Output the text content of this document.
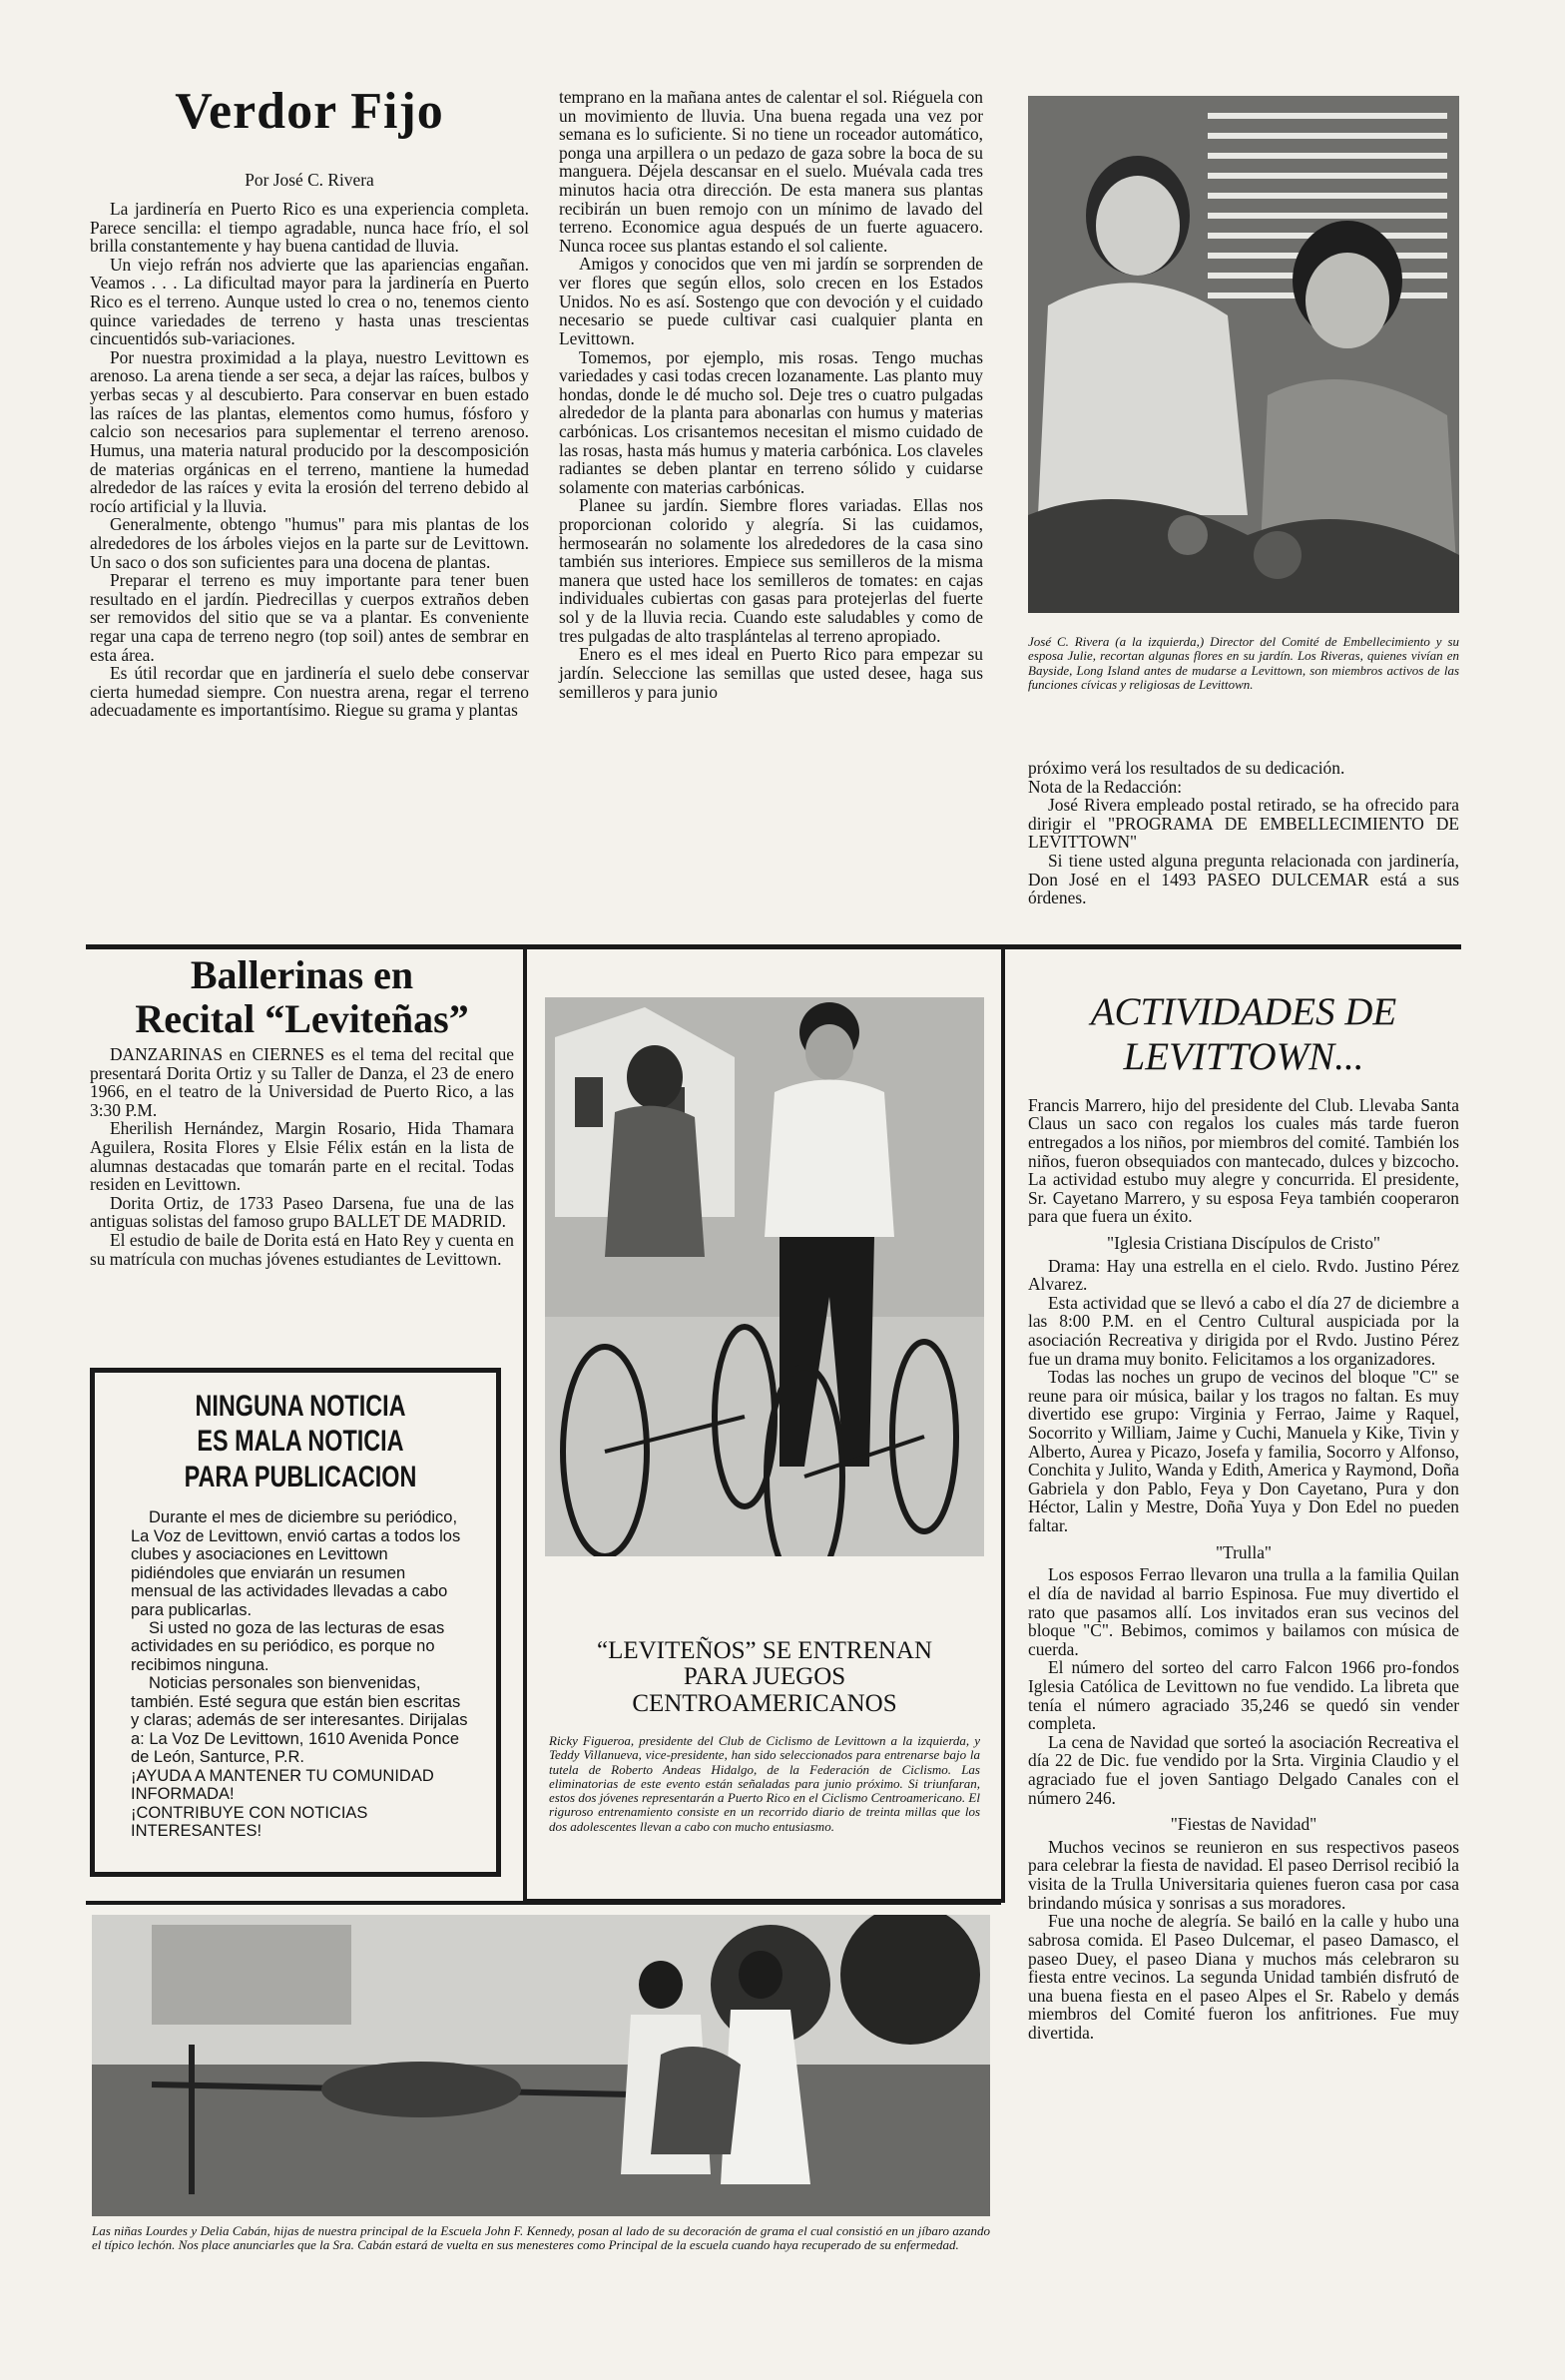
Verdor Fijo
Por José C. Rivera

La jardinería en Puerto Rico es una experiencia completa. Parece sencilla: el tiempo agradable, nunca hace frío, el sol brilla constantemente y hay buena cantidad de lluvia.

Un viejo refrán nos advierte que las apariencias engañan. Veamos . . . La dificultad mayor para la jardinería en Puerto Rico es el terreno. Aunque usted lo crea o no, tenemos ciento quince variedades de terreno y hasta unas trescientas cincuentidós sub-variaciones.

Por nuestra proximidad a la playa, nuestro Levittown es arenoso. La arena tiende a ser seca, a dejar las raíces, bulbos y yerbas secas y al descubierto. Para conservar en buen estado las raíces de las plantas, elementos como humus, fósforo y calcio son necesarios para suplementar el terreno arenoso. Humus, una materia natural producido por la descomposición de materias orgánicas en el terreno, mantiene la humedad alrededor de las raíces y evita la erosión del terreno debido al rocío artificial y la lluvia.

Generalmente, obtengo "humus" para mis plantas de los alrededores de los árboles viejos en la parte sur de Levittown. Un saco o dos son suficientes para una docena de plantas.

Preparar el terreno es muy importante para tener buen resultado en el jardín. Piedrecillas y cuerpos extraños deben ser removidos del sitio que se va a plantar. Es conveniente regar una capa de terreno negro (top soil) antes de sembrar en esta área.

Es útil recordar que en jardinería el suelo debe conservar cierta humedad siempre. Con nuestra arena, regar el terreno adecuadamente es importantísimo. Riegue su grama y plantas

temprano en la mañana antes de calentar el sol. Riéguela con un movimiento de lluvia. Una buena regada una vez por semana es lo suficiente. Si no tiene un roceador automático, ponga una arpillera o un pedazo de gaza sobre la boca de su manguera. Déjela descansar en el suelo. Muévala cada tres minutos hacia otra dirección. De esta manera sus plantas recibirán un buen remojo con un mínimo de lavado del terreno. Economice agua después de un fuerte aguacero. Nunca rocee sus plantas estando el sol caliente.

Amigos y conocidos que ven mi jardín se sorprenden de ver flores que según ellos, solo crecen en los Estados Unidos. No es así. Sostengo que con devoción y el cuidado necesario se puede cultivar casi cualquier planta en Levittown.

Tomemos, por ejemplo, mis rosas. Tengo muchas variedades y casi todas crecen lozanamente. Las planto muy hondas, donde le dé mucho sol. Deje tres o cuatro pulgadas alrededor de la planta para abonarlas con humus y materias carbónicas. Los crisantemos necesitan el mismo cuidado de las rosas, hasta más humus y materia carbónica. Los claveles radiantes se deben plantar en terreno sólido y cuidarse solamente con materias carbónicas.

Planee su jardín. Siembre flores variadas. Ellas nos proporcionan colorido y alegría. Si las cuidamos, hermosearán no solamente los alrededores de la casa sino también sus interiores. Empiece sus semilleros de la misma manera que usted hace los semilleros de tomates: en cajas individuales cubiertas con gasas para protejerlas del fuerte sol y de la lluvia recia. Cuando este saludables y como de tres pulgadas de alto trasplántelas al terreno apropiado.

Enero es el mes ideal en Puerto Rico para empezar su jardín. Seleccione las semillas que usted desee, haga sus semilleros y para junio

José C. Rivera (a la izquierda,) Director del Comité de Embellecimiento y su esposa Julie, recortan algunas flores en su jardín. Los Riveras, quienes vivían en Bayside, Long Island antes de mudarse a Levittown, son miembros activos de las funciones cívicas y religiosas de Levittown.

próximo verá los resultados de su dedicación.

Nota de la Redacción:

José Rivera empleado postal retirado, se ha ofrecido para dirigir el "PROGRAMA DE EMBELLECIMIENTO DE LEVITTOWN"

Si tiene usted alguna pregunta relacionada con jardinería, Don José en el 1493 PASEO DULCEMAR está a sus órdenes.

Ballerinas en
Recital “Leviteñas”

DANZARINAS en CIERNES es el tema del recital que presentará Dorita Ortiz y su Taller de Danza, el 23 de enero 1966, en el teatro de la Universidad de Puerto Rico, a las 3:30 P.M.

Eherilish Hernández, Margin Rosario, Hida Thamara Aguilera, Rosita Flores y Elsie Félix están en la lista de alumnas destacadas que tomarán parte en el recital. Todas residen en Levittown.

Dorita Ortiz, de 1733 Paseo Darsena, fue una de las antiguas solistas del famoso grupo BALLET DE MADRID.

El estudio de baile de Dorita está en Hato Rey y cuenta en su matrícula con muchas jóvenes estudiantes de Levittown.

NINGUNA NOTICIA
ES MALA NOTICIA
PARA PUBLICACION

Durante el mes de diciembre su periódico, La Voz de Levittown, envió cartas a todos los clubes y asociaciones en Levittown pidiéndoles que enviarán un resumen mensual de las actividades llevadas a cabo para publicarlas.

Si usted no goza de las lecturas de esas actividades en su periódico, es porque no recibimos ninguna.

Noticias personales son bienvenidas, también. Esté segura que están bien escritas y claras; además de ser interesantes. Dirijalas a: La Voz De Levittown, 1610 Avenida Ponce de León, Santurce, P.R.

¡AYUDA A MANTENER TU COMUNIDAD INFORMADA!

¡CONTRIBUYE CON NOTICIAS INTERESANTES!

“LEVITEÑOS” SE ENTRENAN
PARA JUEGOS
CENTROAMERICANOS
Ricky Figueroa, presidente del Club de Ciclismo de Levittown a la izquierda, y Teddy Villanueva, vice-presidente, han sido seleccionados para entrenarse bajo la tutela de Roberto Andeas Hidalgo, de la Federación de Ciclismo. Las eliminatorias de este evento están señaladas para junio próximo. Si triunfaran, estos dos jóvenes representarán a Puerto Rico en el Ciclismo Centroamericano. El riguroso entrenamiento consiste en un recorrido diario de treinta millas que los dos adolescentes llevan a cabo con mucho entusiasmo.
Las niñas Lourdes y Delia Cabán, hijas de nuestra principal de la Escuela John F. Kennedy, posan al lado de su decoración de grama el cual consistió en un jíbaro azando el típico lechón. Nos place anunciarles que la Sra. Cabán estará de vuelta en sus menesteres como Principal de la escuela cuando haya recuperado de su enfermedad.
ACTIVIDADES DE
LEVITTOWN...

Francis Marrero, hijo del presidente del Club. Llevaba Santa Claus un saco con regalos los cuales más tarde fueron entregados a los niños, por miembros del comité. También los niños, fueron obsequiados con mantecado, dulces y bizcocho. La actividad estubo muy alegre y concurrida. El presidente, Sr. Cayetano Marrero, y su esposa Feya también cooperaron para que fuera un éxito.

"Iglesia Cristiana Discípulos de Cristo"

Drama: Hay una estrella en el cielo. Rvdo. Justino Pérez Alvarez.

Esta actividad que se llevó a cabo el día 27 de diciembre a las 8:00 P.M. en el Centro Cultural auspiciada por la asociación Recreativa y dirigida por el Rvdo. Justino Pérez fue un drama muy bonito. Felicitamos a los organizadores.

Todas las noches un grupo de vecinos del bloque "C" se reune para oir música, bailar y los tragos no faltan. Es muy divertido ese grupo: Virginia y Ferrao, Jaime y Raquel, Socorrito y William, Jaime y Cuchi, Manuela y Kike, Tivin y Alberto, Aurea y Picazo, Josefa y familia, Socorro y Alfonso, Conchita y Julito, Wanda y Edith, America y Raymond, Doña Gabriela y don Pablo, Feya y Don Cayetano, Pura y don Héctor, Lalin y Mestre, Doña Yuya y Don Edel no pueden faltar.

"Trulla"

Los esposos Ferrao llevaron una trulla a la familia Quilan el día de navidad al barrio Espinosa. Fue muy divertido el rato que pasamos allí. Los invitados eran sus vecinos del bloque "C". Bebimos, comimos y bailamos con música de cuerda.

El número del sorteo del carro Falcon 1966 pro-fondos Iglesia Católica de Levittown no fue vendido. La libreta que tenía el número agraciado 35,246 se quedó sin vender completa.

La cena de Navidad que sorteó la asociación Recreativa el día 22 de Dic. fue vendido por la Srta. Virginia Claudio y el agraciado fue el joven Santiago Delgado Canales con el número 246.

"Fiestas de Navidad"

Muchos vecinos se reunieron en sus respectivos paseos para celebrar la fiesta de navidad. El paseo Derrisol recibió la visita de la Trulla Universitaria quienes fueron casa por casa brindando música y sonrisas a sus moradores.

Fue una noche de alegría. Se bailó en la calle y hubo una sabrosa comida. El Paseo Dulcemar, el paseo Damasco, el paseo Duey, el paseo Diana y muchos más celebraron su fiesta entre vecinos. La segunda Unidad también disfrutó de una buena fiesta en el paseo Alpes el Sr. Rabelo y demás miembros del Comité fueron los anfitriones. Fue muy divertida.
